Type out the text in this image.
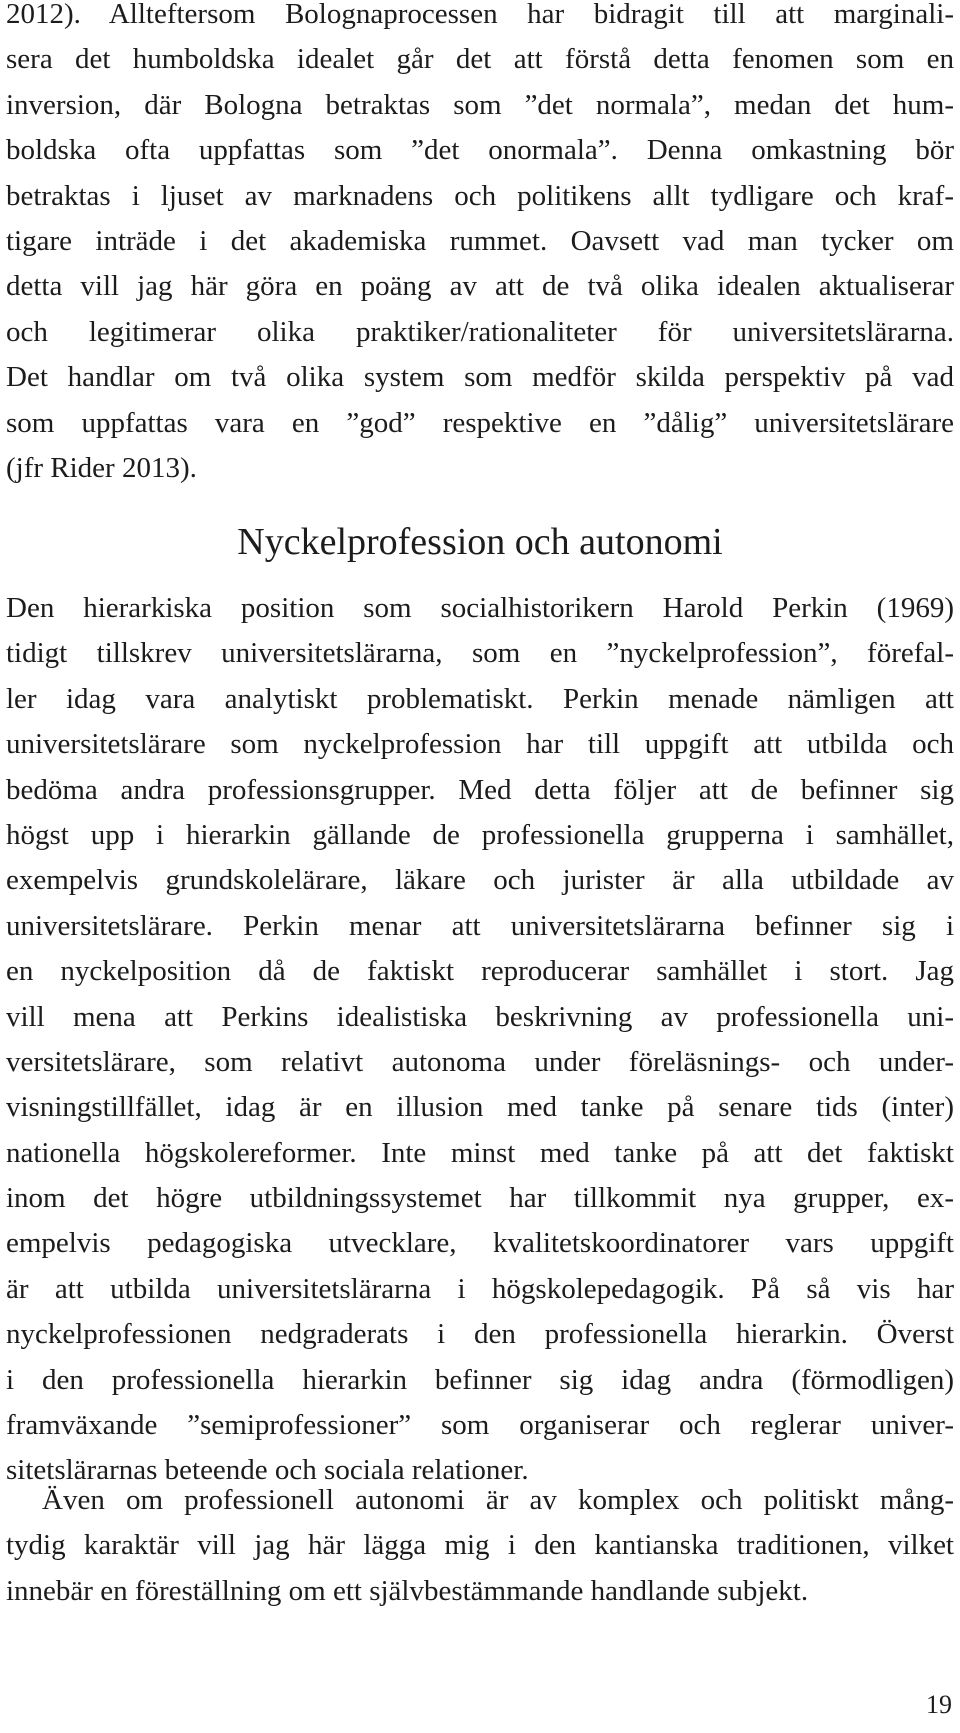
2012). Allteftersom Bolognaprocessen har bidragit till att marginali-
sera det humboldska idealet går det att förstå detta fenomen som en
inversion, där Bologna betraktas som ”det normala”, medan det hum-
boldska ofta uppfattas som ”det onormala”. Denna omkastning bör
betraktas i ljuset av marknadens och politikens allt tydligare och kraf-
tigare inträde i det akademiska rummet. Oavsett vad man tycker om
detta vill jag här göra en poäng av att de två olika idealen aktualiserar
och legitimerar olika praktiker/rationaliteter för universitetslärarna.
Det handlar om två olika system som medför skilda perspektiv på vad
som uppfattas vara en ”god” respektive en ”dålig” universitetslärare
(jfr Rider 2013).
Nyckelprofession och autonomi
Den hierarkiska position som socialhistorikern Harold Perkin (1969)
tidigt tillskrev universitetslärarna, som en ”nyckelprofession”, förefal-
ler idag vara analytiskt problematiskt. Perkin menade nämligen att
universitetslärare som nyckelprofession har till uppgift att utbilda och
bedöma andra professionsgrupper. Med detta följer att de befinner sig
högst upp i hierarkin gällande de professionella grupperna i samhället,
exempelvis grundskolelärare, läkare och jurister är alla utbildade av
universitetslärare. Perkin menar att universitetslärarna befinner sig i
en nyckelposition då de faktiskt reproducerar samhället i stort. Jag
vill mena att Perkins idealistiska beskrivning av professionella uni-
versitetslärare, som relativt autonoma under föreläsnings- och under-
visningstillfället, idag är en illusion med tanke på senare tids (inter)
nationella högskolereformer. Inte minst med tanke på att det faktiskt
inom det högre utbildningssystemet har tillkommit nya grupper, ex-
empelvis pedagogiska utvecklare, kvalitetskoordinatorer vars uppgift
är att utbilda universitetslärarna i högskolepedagogik. På så vis har
nyckelprofessionen nedgraderats i den professionella hierarkin. Överst
i den professionella hierarkin befinner sig idag andra (förmodligen)
framväxande ”semiprofessioner” som organiserar och reglerar univer-
sitetslärarnas beteende och sociala relationer.
Även om professionell autonomi är av komplex och politiskt mång-
tydig karaktär vill jag här lägga mig i den kantianska traditionen, vilket
innebär en föreställning om ett självbestämmande handlande subjekt.
19
